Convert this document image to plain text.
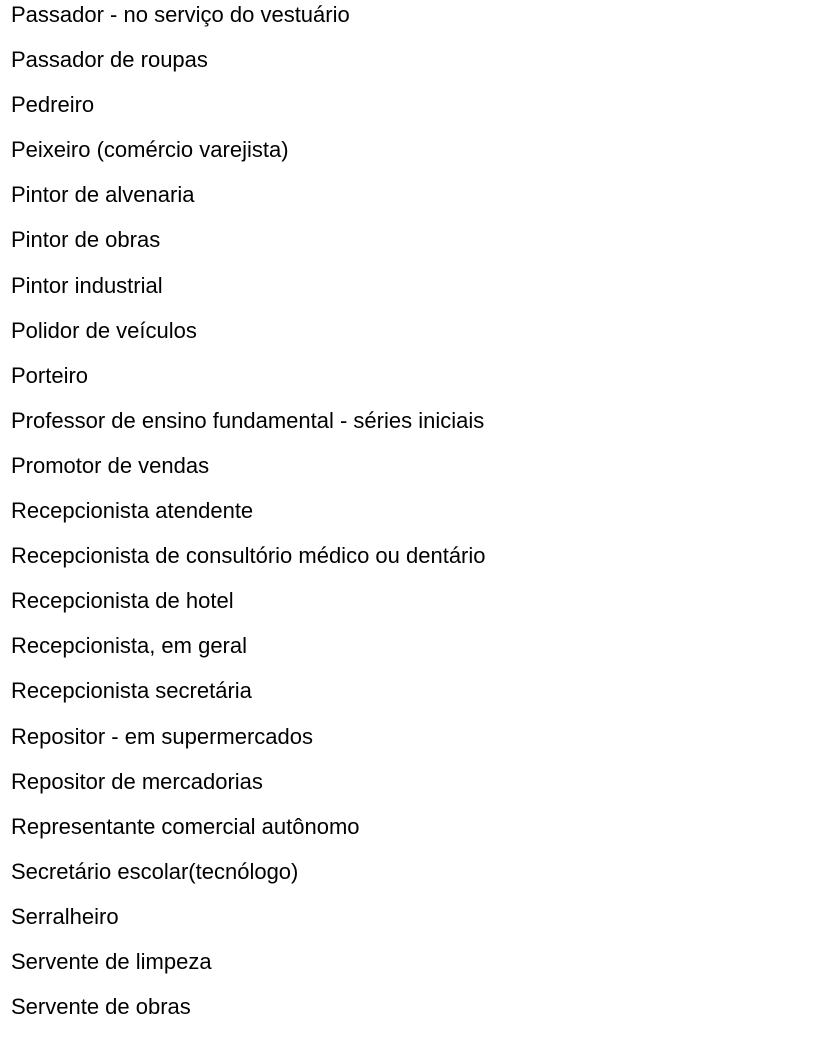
Passador - no serviço do vestuário
Passador de roupas
Pedreiro
Peixeiro (comércio varejista)
Pintor de alvenaria
Pintor de obras
Pintor industrial
Polidor de veículos
Porteiro
Professor de ensino fundamental - séries iniciais
Promotor de vendas
Recepcionista atendente
Recepcionista de consultório médico ou dentário
Recepcionista de hotel
Recepcionista, em geral
Recepcionista secretária
Repositor - em supermercados
Repositor de mercadorias
Representante comercial autônomo
Secretário escolar(tecnólogo)
Serralheiro
Servente de limpeza
Servente de obras
